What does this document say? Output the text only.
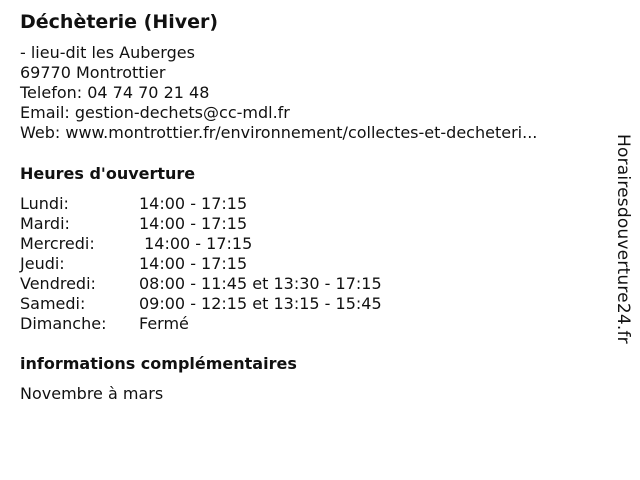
Déchèterie (Hiver)
- lieu-dit les Auberges
69770 Montrottier
Telefon: 04 74 70 21 48
Email: gestion-dechets@cc-mdl.fr
Web: www.montrottier.fr/environnement/collectes-et-decheteri...
Heures d'ouverture
Lundi:	14:00 - 17:15
Mardi:	14:00 - 17:15
Mercredi:	14:00 - 17:15
Jeudi:	14:00 - 17:15
Vendredi:	08:00 - 11:45 et 13:30 - 17:15
Samedi:	09:00 - 12:15 et 13:15 - 15:45
Dimanche:	Fermé
informations complémentaires
Novembre à mars
Horairesdouverture24.fr
